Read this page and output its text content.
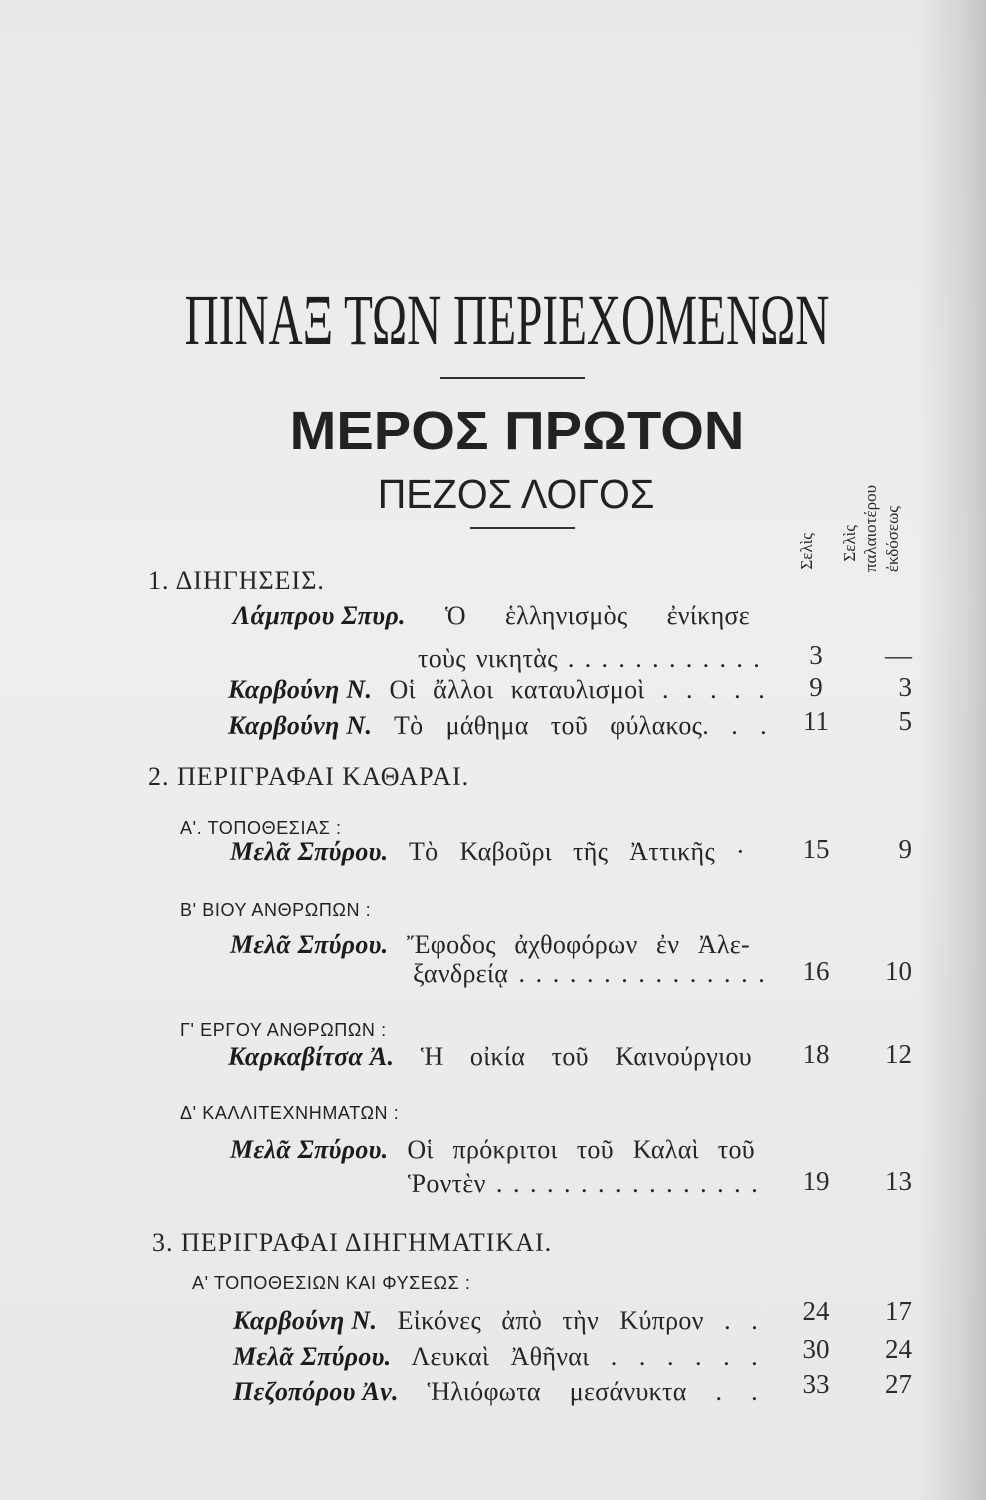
ΠΙΝΑΞ ΤΩΝ ΠΕΡΙΕΧΟΜΕΝΩΝ
ΜΕΡΟΣ ΠΡΩΤΟΝ
ΠΕΖΟΣ ΛΟΓΟΣ
Σελὶς Σελὶς παλαιοτέρου ἐκδόσεως
1. ΔΙΗΓΗΣΕΙΣ.
Λάμπρου Σπυρ. Ὁ ἑλληνισμὸς ἐνίκησε
τοὺς νικητὰς . . . . . . . . . . . .	3	—
Καρβούνη Ν. Οἱ ἄλλοι καταυλισμοὶ . . . . .	9	3
Καρβούνη Ν. Τὸ μάθημα τοῦ φύλακος. . .	11	5
2. ΠΕΡΙΓΡΑΦΑΙ ΚΑΘΑΡΑΙ.
Α'. ΤΟΠΟΘΕΣΙΑΣ :
Μελᾶ Σπύρου. Τὸ Καβοῦρι τῆς Ἀττικῆς ·	15	9
Β' ΒΙΟΥ ΑΝΘΡΩΠΩΝ :
Μελᾶ Σπύρου. Ἔφοδος ἀχθοφόρων ἐν Ἀλε-
ξανδρείᾳ . . . . . . . . . . . . . . .	16	10
Γ' ΕΡΓΟΥ ΑΝΘΡΩΠΩΝ :
Καρκαβίτσα Ἀ. Ἡ οἰκία τοῦ Καινούργιου	18	12
Δ' ΚΑΛΛΙΤΕΧΝΗΜΑΤΩΝ :
Μελᾶ Σπύρου. Οἱ πρόκριτοι τοῦ Καλαὶ τοῦ
Ῥοντὲν . . . . . . . . . . . . . . . .	19	13
3. ΠΕΡΙΓΡΑΦΑΙ ΔΙΗΓΗΜΑΤΙΚΑΙ.
Α' ΤΟΠΟΘΕΣΙΩΝ ΚΑΙ ΦΥΣΕΩΣ :
Καρβούνη Ν. Εἰκόνες ἀπὸ τὴν Κύπρον . .	24	17
Μελᾶ Σπύρου. Λευκαὶ Ἀθῆναι . . . . . .	30	24
Πεζοπόρου Ἀν. Ἡλιόφωτα μεσάνυκτα . .	33	27
